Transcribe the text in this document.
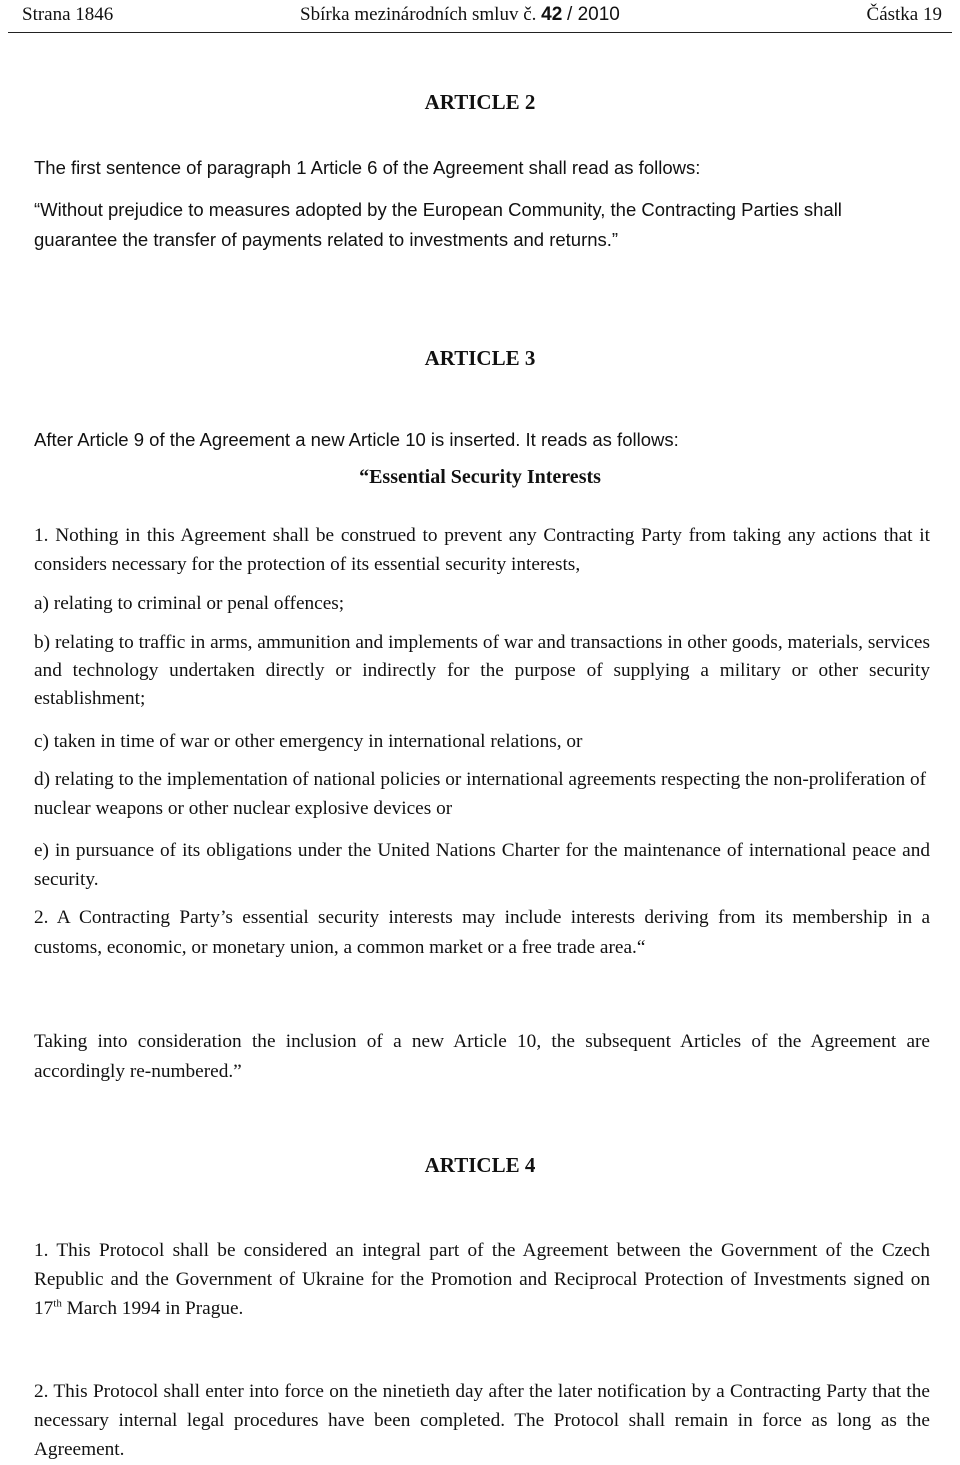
Strana 1846	Sbírka mezinárodních smluv č. 42 / 2010	Částka 19
ARTICLE 2
The first sentence of paragraph 1 Article 6 of the Agreement shall read as follows:
“Without prejudice to measures adopted by the European Community, the Contracting Parties shall guarantee the transfer of payments related to investments and returns.”
ARTICLE 3
After Article 9 of the Agreement a new Article 10 is inserted. It reads as follows:
“Essential Security Interests
1. Nothing in this Agreement shall be construed to prevent any Contracting Party from taking any actions that it considers necessary for the protection of its essential security interests,
a) relating to criminal or penal offences;
b) relating to traffic in arms, ammunition and implements of war and transactions in other goods, materials, services and technology undertaken directly or indirectly for the purpose of supplying a military or other security establishment;
c) taken in time of war or other emergency in international relations, or
d) relating to the implementation of national policies or international agreements respecting the non-proliferation of nuclear weapons or other nuclear explosive devices or
e) in pursuance of its obligations under the United Nations Charter for the maintenance of international peace and security.
2. A Contracting Party’s essential security interests may include interests deriving from its membership in a customs, economic, or monetary union, a common market or a free trade area.“
Taking into consideration the inclusion of a new Article 10, the subsequent Articles of the Agreement are accordingly re-numbered.”
ARTICLE 4
1. This Protocol shall be considered an integral part of the Agreement between the Government of the Czech Republic and the Government of Ukraine for the Promotion and Reciprocal Protection of Investments signed on 17th March 1994 in Prague.
2. This Protocol shall enter into force on the ninetieth day after the later notification by a Contracting Party that the necessary internal legal procedures have been completed. The Protocol shall remain in force as long as the Agreement.
